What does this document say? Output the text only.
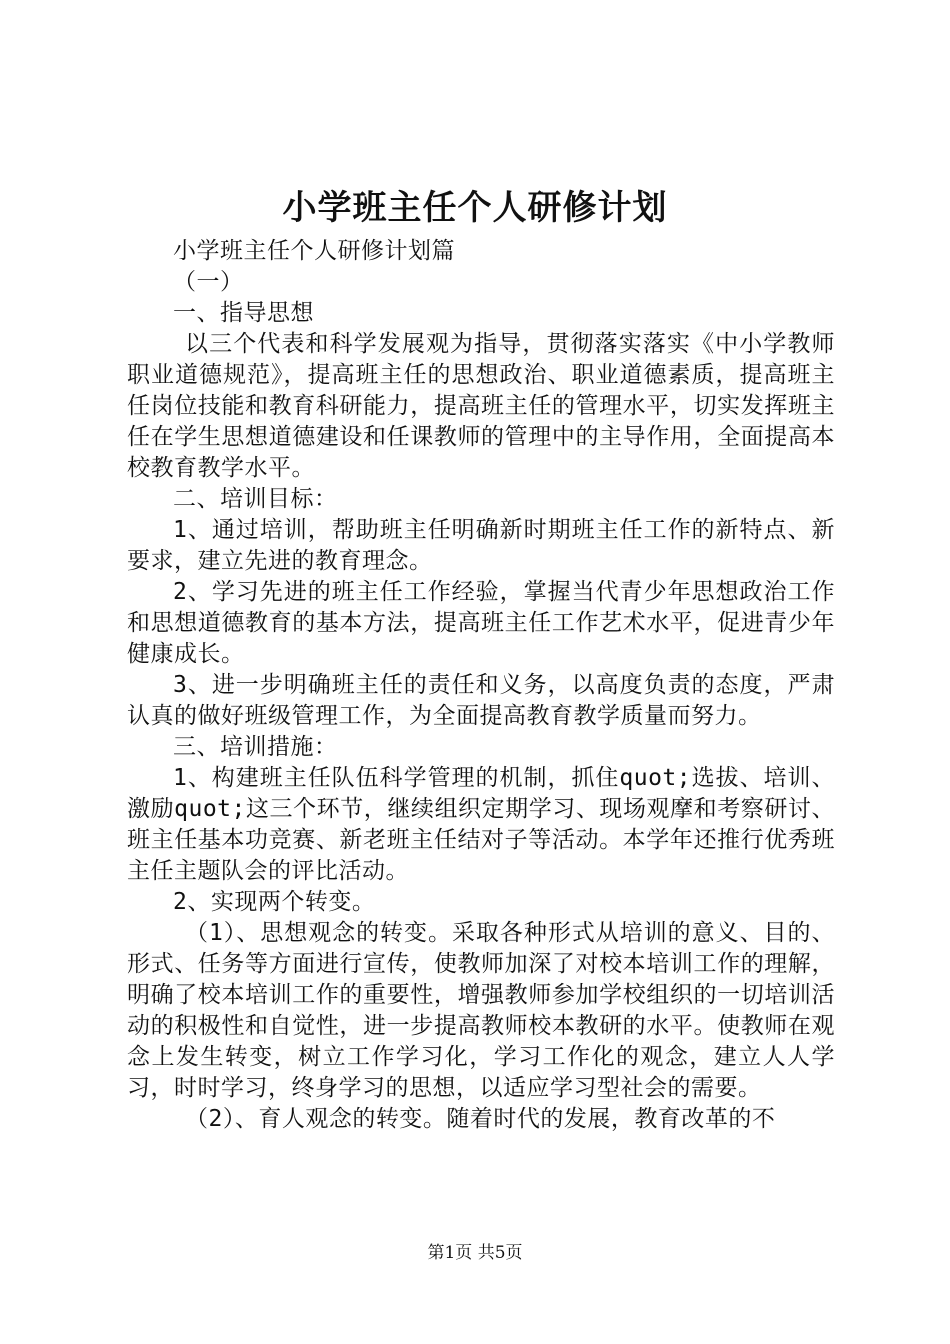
小学班主任个人研修计划

小学班主任个人研修计划篇

（一）

一、指导思想

以三个代表和科学发展观为指导，贯彻落实落实《中小学教师职业道德规范》，提高班主任的思想政治、职业道德素质，提高班主任岗位技能和教育科研能力，提高班主任的管理水平，切实发挥班主任在学生思想道德建设和任课教师的管理中的主导作用，全面提高本校教育教学水平。

二、培训目标：

1、通过培训，帮助班主任明确新时期班主任工作的新特点、新要求，建立先进的教育理念。

2、学习先进的班主任工作经验，掌握当代青少年思想政治工作和思想道德教育的基本方法，提高班主任工作艺术水平，促进青少年健康成长。

3、进一步明确班主任的责任和义务，以高度负责的态度，严肃认真的做好班级管理工作，为全面提高教育教学质量而努力。

三、培训措施：

1、构建班主任队伍科学管理的机制，抓住quot;选拔、培训、激励quot;这三个环节，继续组织定期学习、现场观摩和考察研讨、班主任基本功竞赛、新老班主任结对子等活动。本学年还推行优秀班主任主题队会的评比活动。

2、实现两个转变。

（1）、思想观念的转变。采取各种形式从培训的意义、目的、形式、任务等方面进行宣传，使教师加深了对校本培训工作的理解，明确了校本培训工作的重要性，增强教师参加学校组织的一切培训活动的积极性和自觉性，进一步提高教师校本教研的水平。使教师在观念上发生转变，树立工作学习化，学习工作化的观念，建立人人学习，时时学习，终身学习的思想，以适应学习型社会的需要。

（2）、育人观念的转变。随着时代的发展，教育改革的不

第1页 共5页
